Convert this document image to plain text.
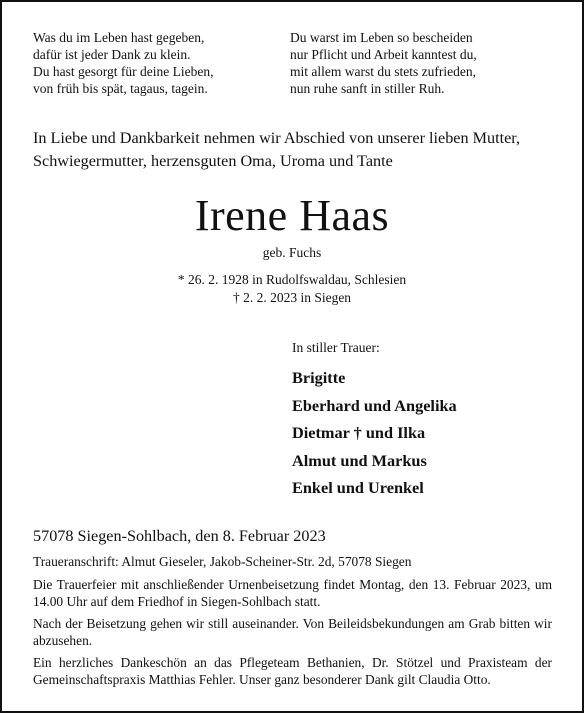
Was du im Leben hast gegeben,
dafür ist jeder Dank zu klein.
Du hast gesorgt für deine Lieben,
von früh bis spät, tagaus, tagein.
Du warst im Leben so bescheiden
nur Pflicht und Arbeit kanntest du,
mit allem warst du stets zufrieden,
nun ruhe sanft in stiller Ruh.
In Liebe und Dankbarkeit nehmen wir Abschied von unserer lieben Mutter,
Schwiegermutter, herzensguten Oma, Uroma und Tante
Irene Haas
geb. Fuchs
* 26. 2. 1928 in Rudolfswaldau, Schlesien
† 2. 2. 2023 in Siegen
In stiller Trauer:
Brigitte
Eberhard und Angelika
Dietmar † und Ilka
Almut und Markus
Enkel und Urenkel
57078 Siegen-Sohlbach, den 8. Februar 2023

Traueranschrift: Almut Gieseler, Jakob-Scheiner-Str. 2d, 57078 Siegen

Die Trauerfeier mit anschließender Urnenbeisetzung findet Montag, den 13. Februar 2023, um 14.00 Uhr auf dem Friedhof in Siegen-Sohlbach statt.

Nach der Beisetzung gehen wir still auseinander. Von Beileidsbekundungen am Grab bitten wir abzusehen.

Ein herzliches Dankeschön an das Pflegeteam Bethanien, Dr. Stötzel und Praxisteam der Gemeinschaftspraxis Matthias Fehler. Unser ganz besonderer Dank gilt Claudia Otto.
